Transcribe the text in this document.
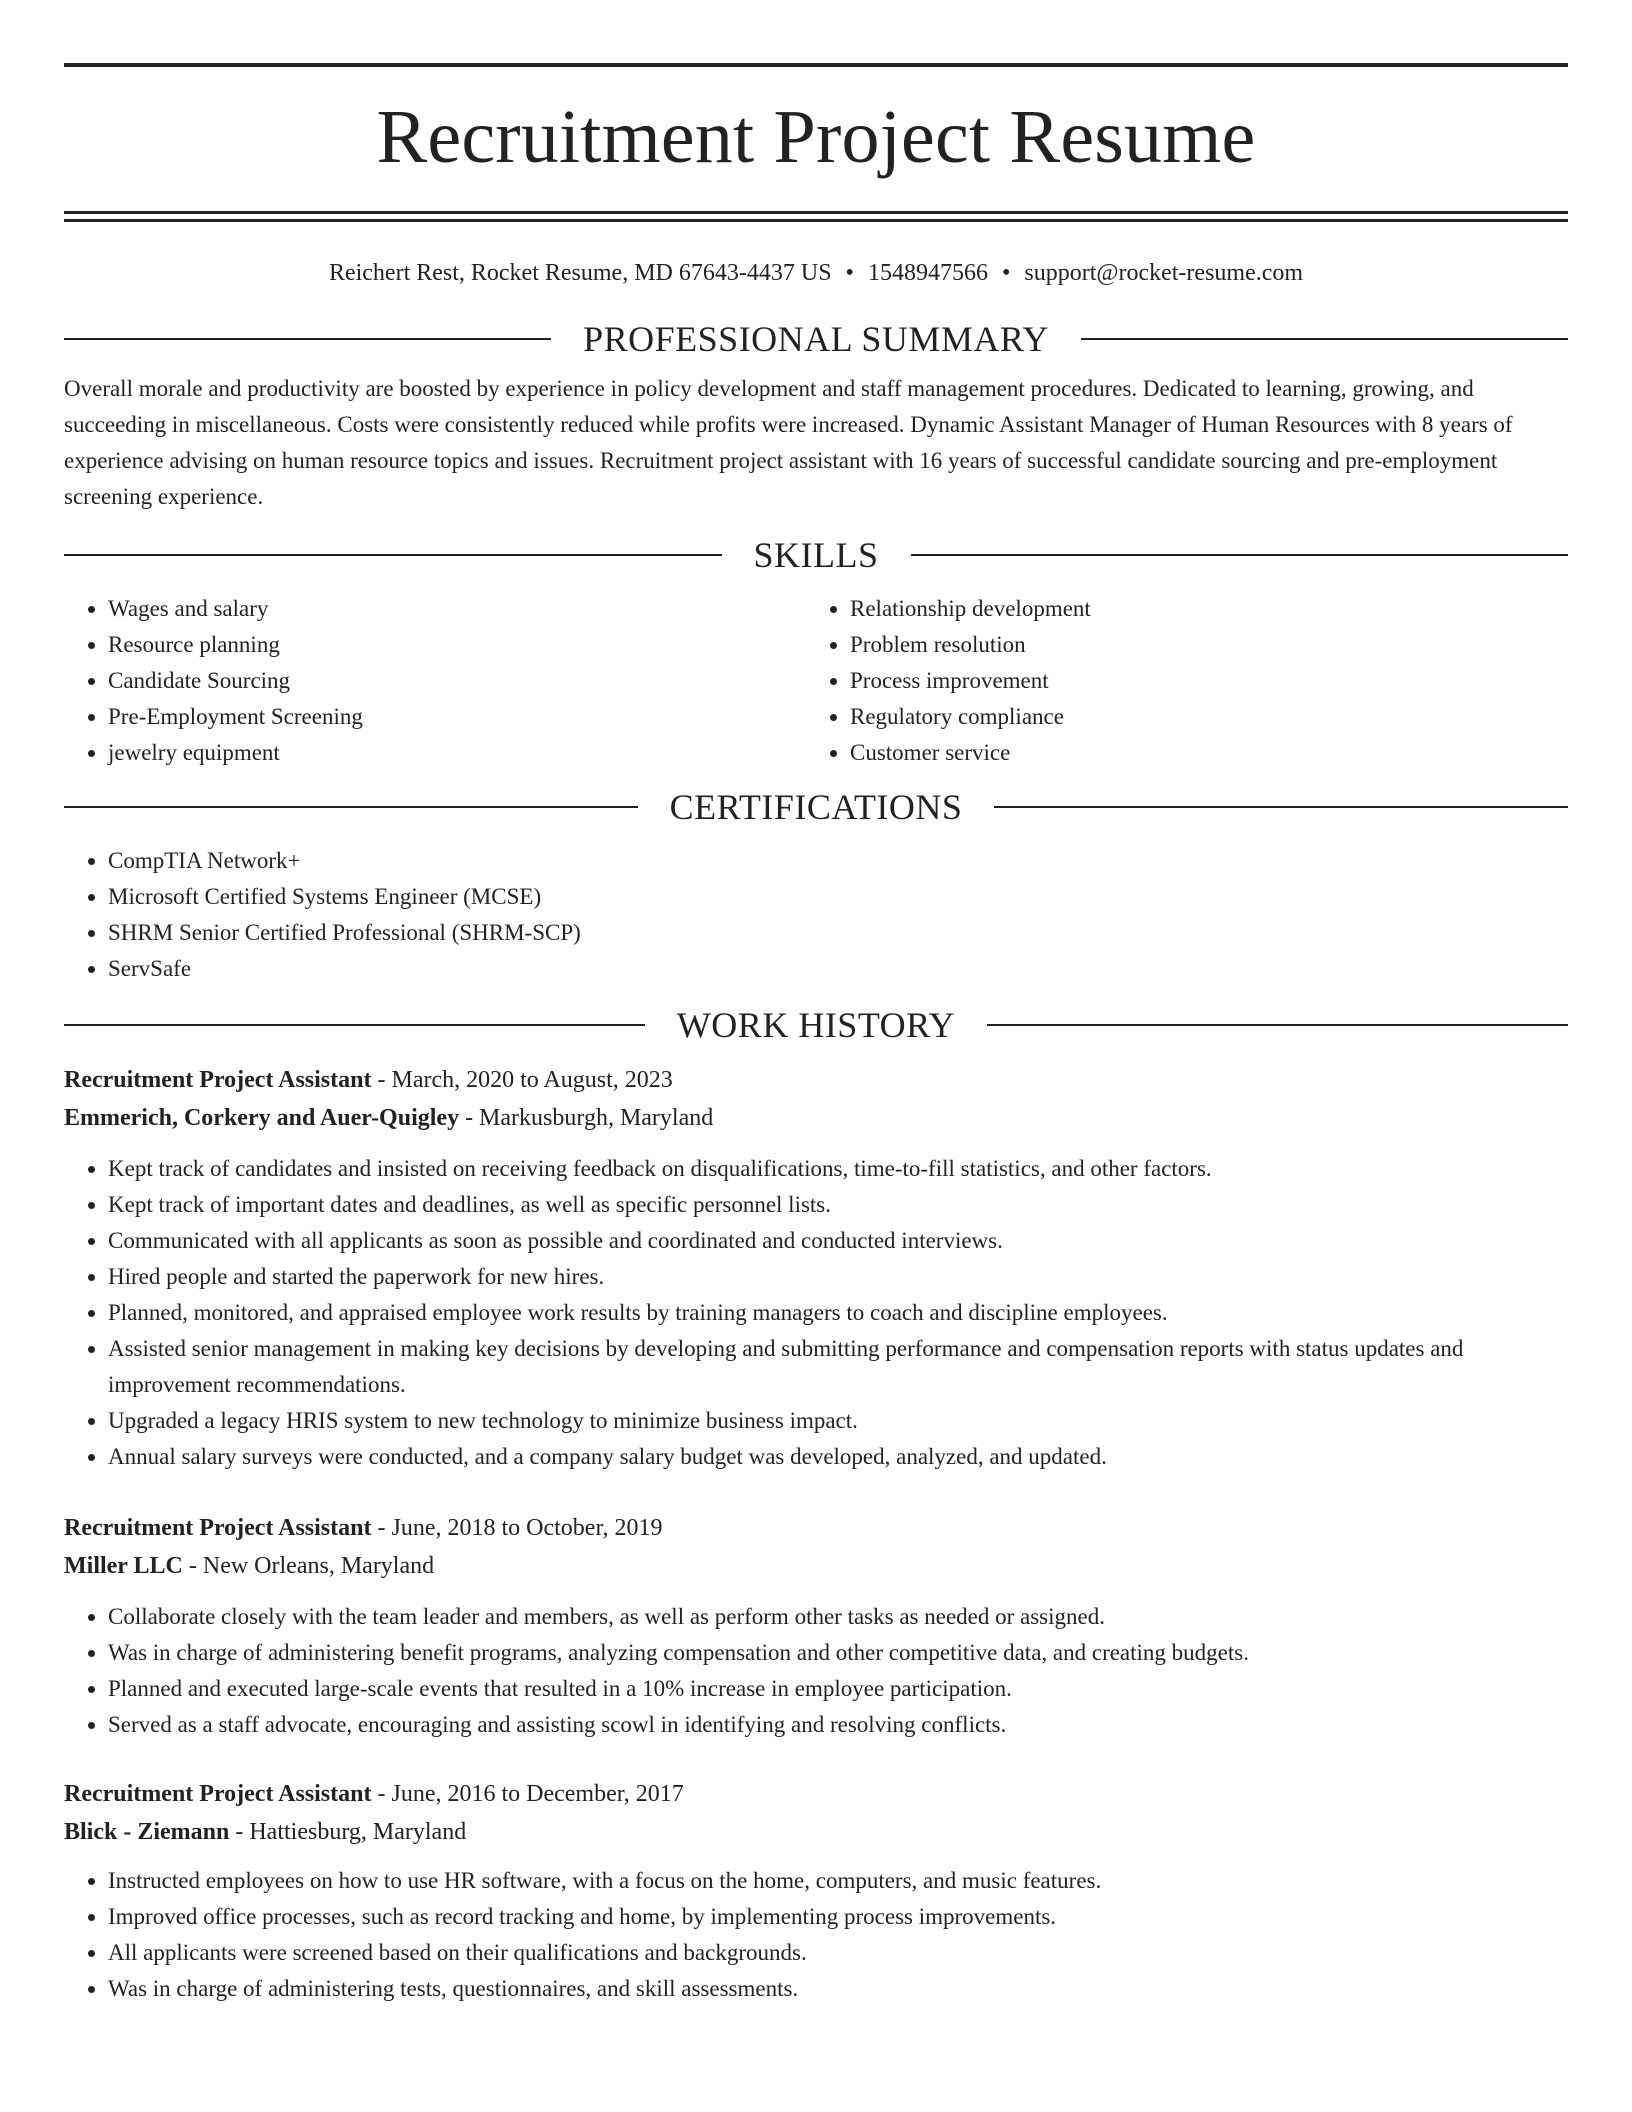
Recruitment Project Resume
Reichert Rest, Rocket Resume, MD 67643-4437 US • 1548947566 • support@rocket-resume.com
PROFESSIONAL SUMMARY

Overall morale and productivity are boosted by experience in policy development and staff management procedures. Dedicated to learning, growing, and succeeding in miscellaneous. Costs were consistently reduced while profits were increased. Dynamic Assistant Manager of Human Resources with 8 years of experience advising on human resource topics and issues. Recruitment project assistant with 16 years of successful candidate sourcing and pre-employment screening experience.

SKILLS
• Wages and salary
• Resource planning
• Candidate Sourcing
• Pre-Employment Screening
• jewelry equipment
• Relationship development
• Problem resolution
• Process improvement
• Regulatory compliance
• Customer service
CERTIFICATIONS
• CompTIA Network+
• Microsoft Certified Systems Engineer (MCSE)
• SHRM Senior Certified Professional (SHRM-SCP)
• ServSafe
WORK HISTORY
Recruitment Project Assistant - March, 2020 to August, 2023
Emmerich, Corkery and Auer-Quigley - Markusburgh, Maryland
• Kept track of candidates and insisted on receiving feedback on disqualifications, time-to-fill statistics, and other factors.
• Kept track of important dates and deadlines, as well as specific personnel lists.
• Communicated with all applicants as soon as possible and coordinated and conducted interviews.
• Hired people and started the paperwork for new hires.
• Planned, monitored, and appraised employee work results by training managers to coach and discipline employees.
• Assisted senior management in making key decisions by developing and submitting performance and compensation reports with status updates and improvement recommendations.
• Upgraded a legacy HRIS system to new technology to minimize business impact.
• Annual salary surveys were conducted, and a company salary budget was developed, analyzed, and updated.
Recruitment Project Assistant - June, 2018 to October, 2019
Miller LLC - New Orleans, Maryland
• Collaborate closely with the team leader and members, as well as perform other tasks as needed or assigned.
• Was in charge of administering benefit programs, analyzing compensation and other competitive data, and creating budgets.
• Planned and executed large-scale events that resulted in a 10% increase in employee participation.
• Served as a staff advocate, encouraging and assisting scowl in identifying and resolving conflicts.
Recruitment Project Assistant - June, 2016 to December, 2017
Blick - Ziemann - Hattiesburg, Maryland
• Instructed employees on how to use HR software, with a focus on the home, computers, and music features.
• Improved office processes, such as record tracking and home, by implementing process improvements.
• All applicants were screened based on their qualifications and backgrounds.
• Was in charge of administering tests, questionnaires, and skill assessments.
